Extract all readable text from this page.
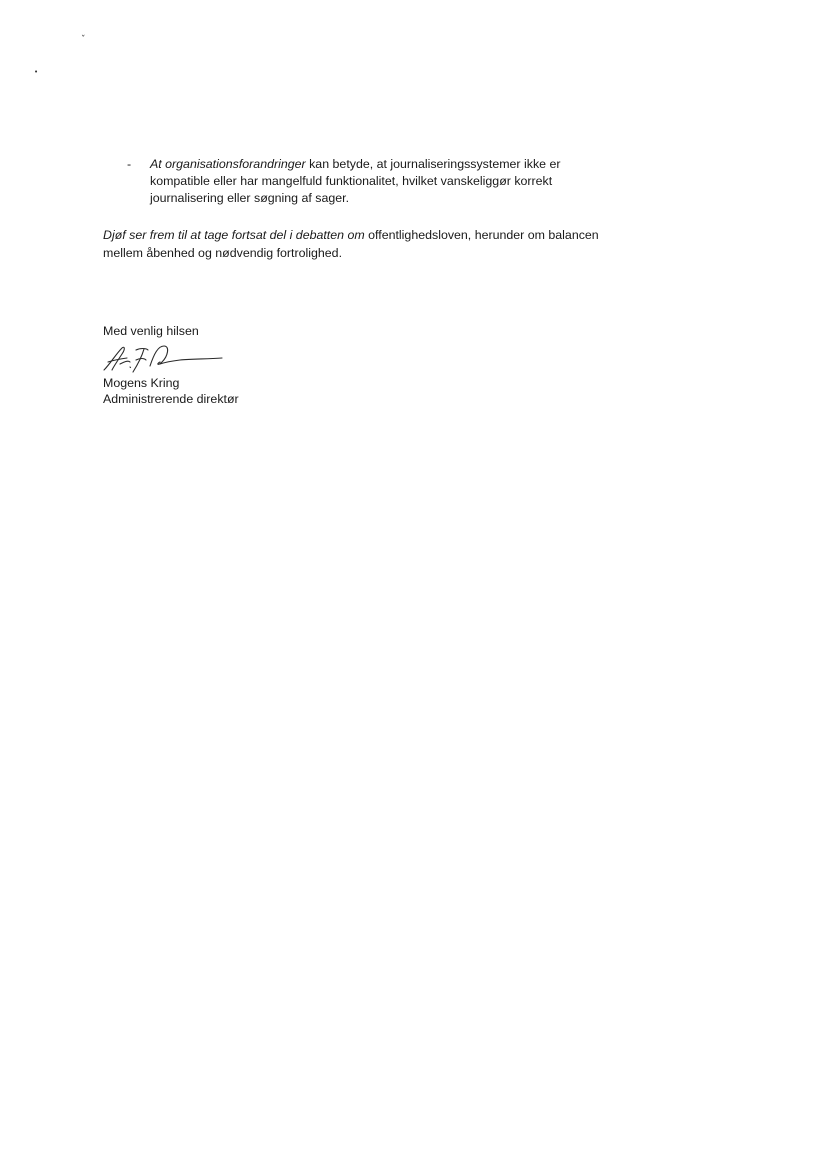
ˇ
•
- At organisationsforandringer kan betyde, at journaliseringssystemer ikke er kompatible eller har mangelfuld funktionalitet, hvilket vanskeliggør korrekt journalisering eller søgning af sager.
Djøf ser frem til at tage fortsat del i debatten om offentlighedsloven, herunder om balancen mellem åbenhed og nødvendig fortrolighed.
Med venlig hilsen
Mogens Kring
Administrerende direktør
